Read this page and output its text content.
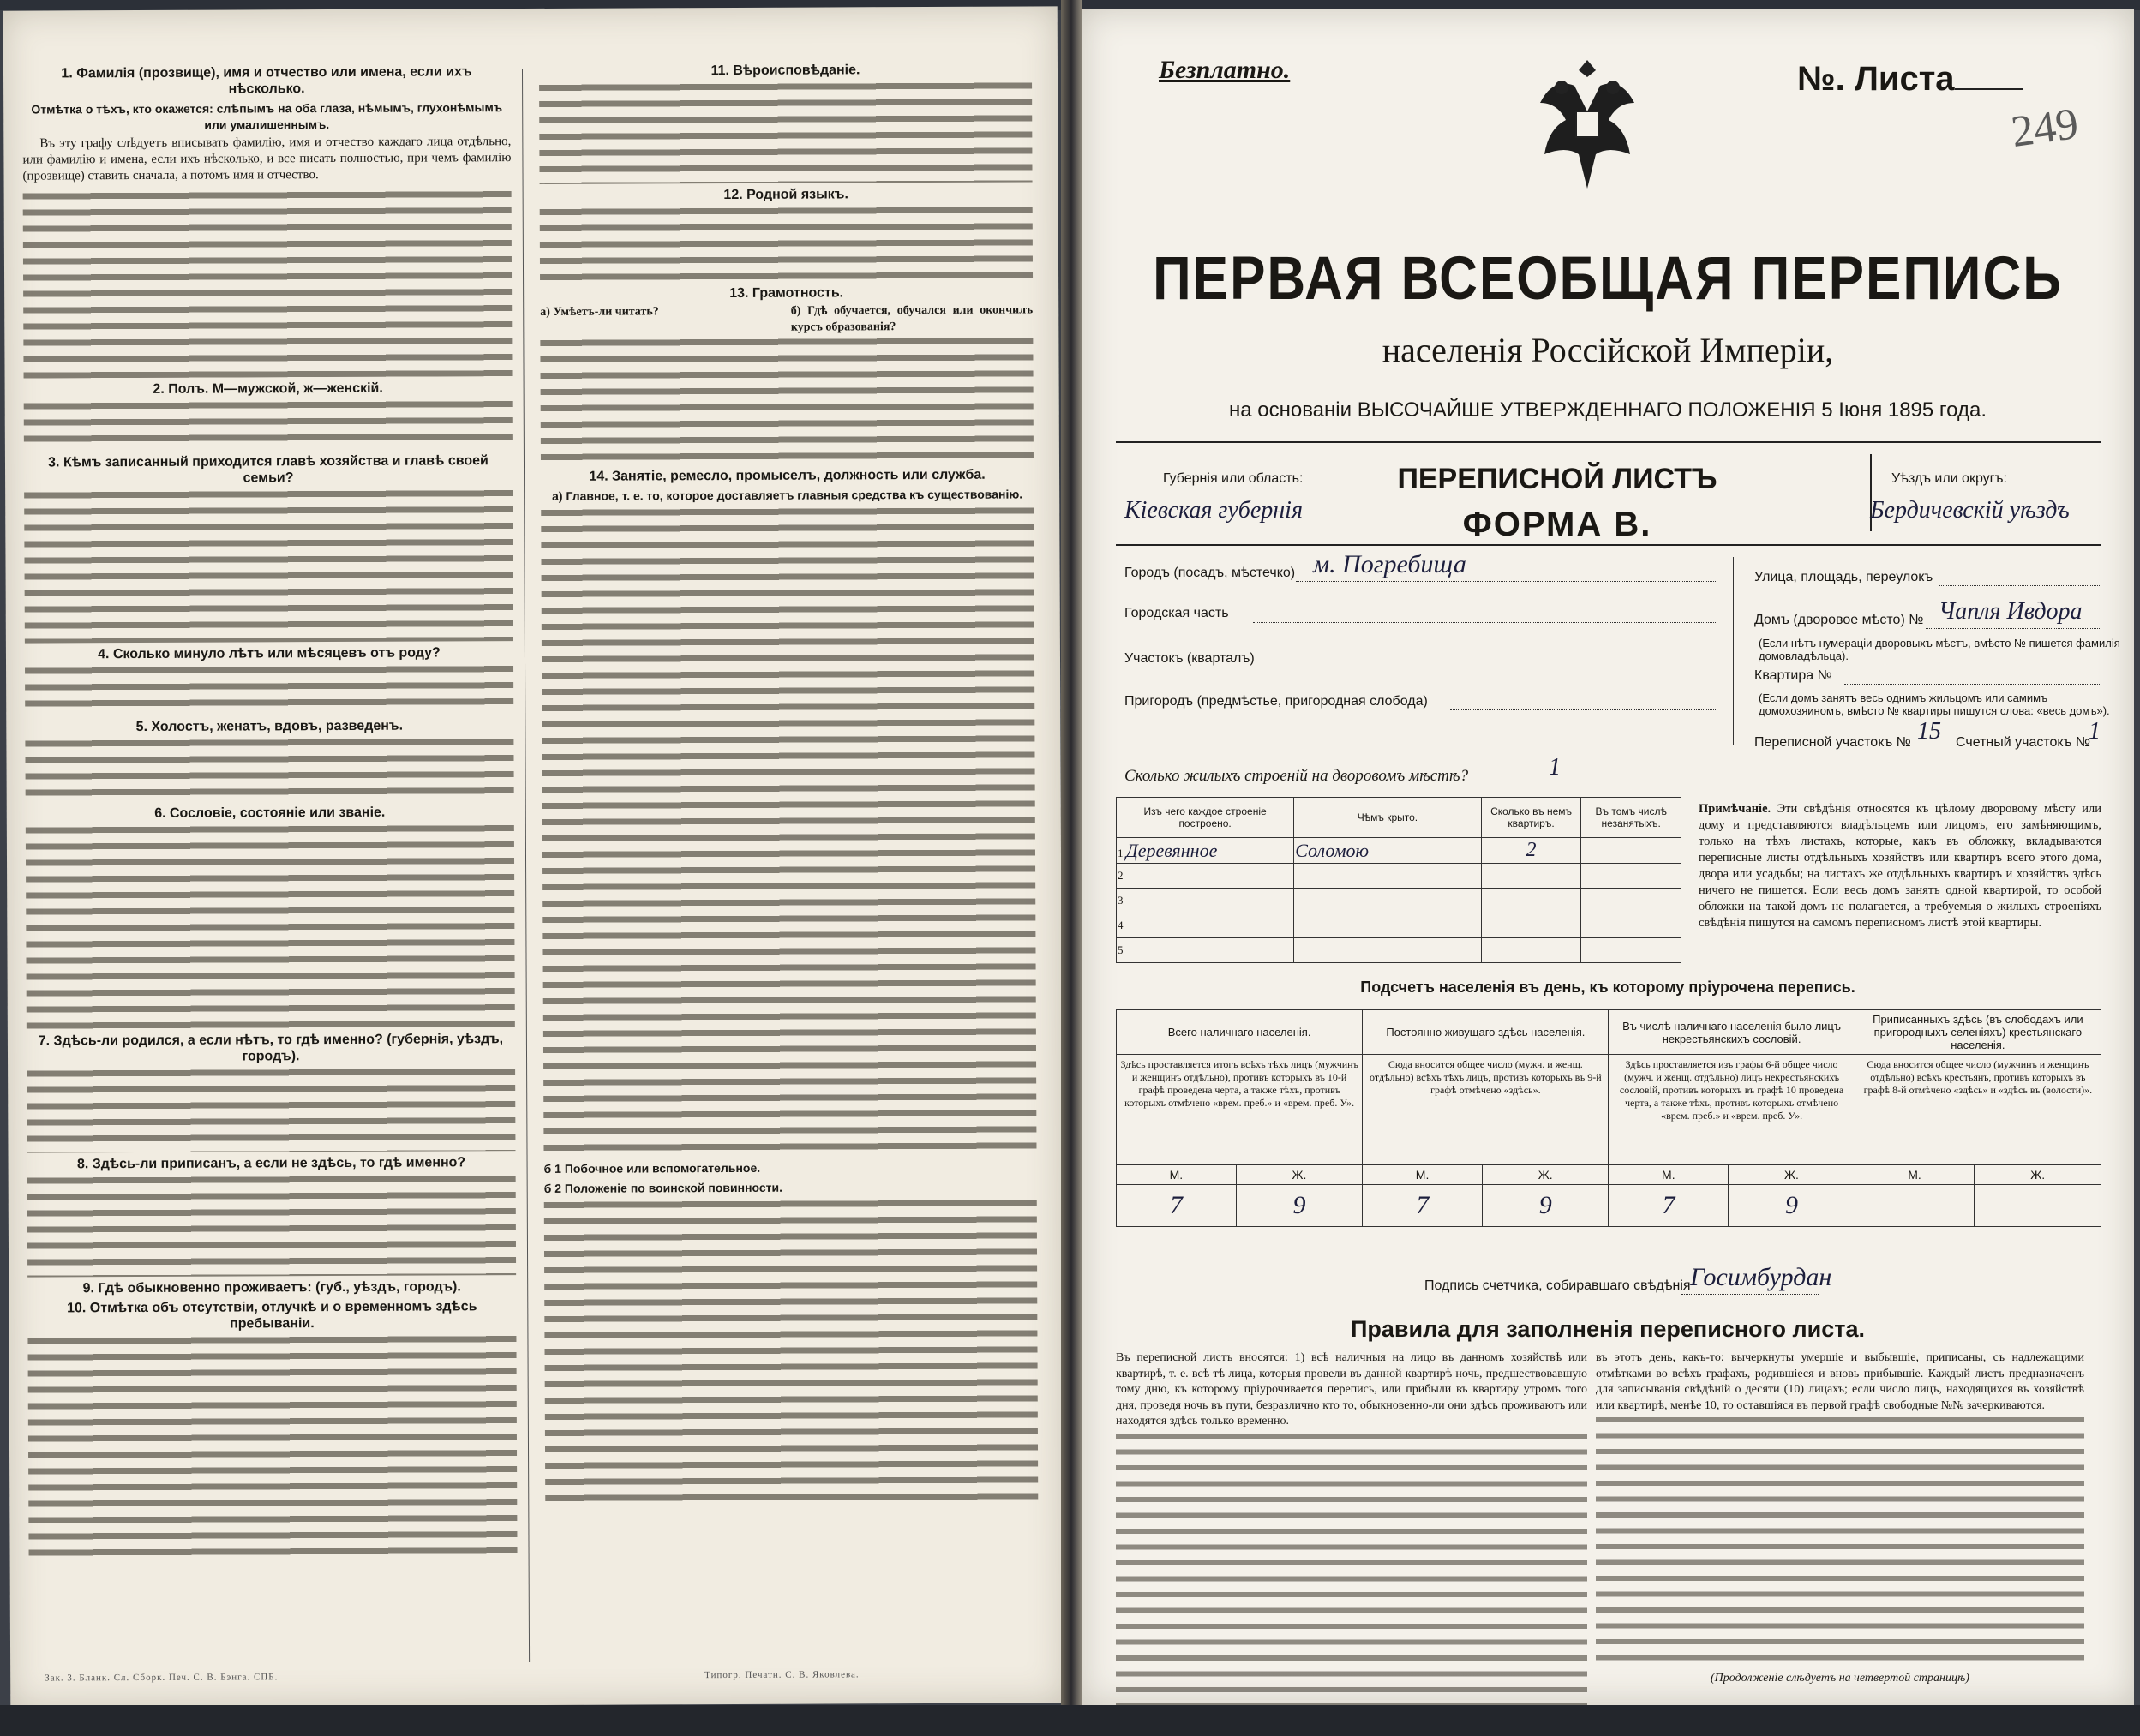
1. Фамилія (прозвище), имя и отчество или имена, если ихъ нѣсколько.
Отмѣтка о тѣхъ, кто окажется: слѣпымъ на оба глаза, нѣмымъ, глухонѣмымъ или умалишеннымъ.

Въ эту графу слѣдуетъ вписывать фамилію, имя и отчество каждаго лица отдѣльно, или фамилію и имена, если ихъ нѣсколько, и все писать полностью, при чемъ фамилію (прозвище) ставить сначала, а потомъ имя и отчество.

2. Полъ. М—мужской, ж—женскій.
3. Кѣмъ записанный приходится главѣ хозяйства и главѣ своей семьи?
4. Сколько минуло лѣтъ или мѣсяцевъ отъ роду?
5. Холостъ, женатъ, вдовъ, разведенъ.
6. Сословіе, состояніе или званіе.
7. Здѣсь-ли родился, а если нѣтъ, то гдѣ именно? (губернія, уѣздъ, городъ).
8. Здѣсь-ли приписанъ, а если не здѣсь, то гдѣ именно?
9. Гдѣ обыкновенно проживаетъ: (губ., уѣздъ, городъ).
10. Отмѣтка объ отсутствіи, отлучкѣ и о временномъ здѣсь пребываніи.
11. Вѣроисповѣданіе.
12. Родной языкъ.
13. Грамотность.
а) Умѣетъ-ли читать?	б) Гдѣ обучается, обучался или окончилъ курсъ образованія?
14. Занятіе, ремесло, промыселъ, должность или служба.
а) Главное, т. е. то, которое доставляетъ главныя средства къ существованію.
б 1 Побочное или вспомогательное.
б 2 Положеніе по воинской повинности.
Зак. 3. Бланк. Сл. Сборк. Печ. С. В. Бэнга. СПБ.	Типогр. Печатн. С. В. Яковлева.
Безплатно.	№. Листа
249
ПЕРВАЯ ВСЕОБЩАЯ ПЕРЕПИСЬ
населенія Россійской Имперіи,
на основаніи ВЫСОЧАЙШЕ УТВЕРЖДЕННАГО ПОЛОЖЕНІЯ 5 Іюня 1895 года.
Губернія или область:
Кіевская губернія
ПЕРЕПИСНОЙ ЛИСТЪ
ФОРМА В.
Уѣздъ или округъ:
Бердичевскій уѣздъ
Городъ (посадъ, мѣстечко) м. Погребища
Городская часть
Участокъ (кварталъ)
Пригородъ (предмѣстье, пригородная слобода)
Улица, площадь, переулокъ
Домъ (дворовое мѣсто) № Чапля Ивдора
(Если нѣтъ нумераціи дворовыхъ мѣстъ, вмѣсто № пишется фамилія домовладѣльца).
Квартира №
(Если домъ занятъ весь однимъ жильцомъ или самимъ домохозяиномъ, вмѣсто № квартиры пишутся слова: «весь домъ»).
Переписной участокъ № 15 Счетный участокъ №
1
Сколько жилыхъ строеній на дворовомъ мѣстѣ?	1
Изъ чего каждое строеніе построено.	Чѣмъ крыто.	Сколько въ немъ квартиръ.	Въ томъ числѣ незанятыхъ.
1 Деревянное	Соломою	2	
2			
3			
4			
5			
Примѣчаніе. Эти свѣдѣнія относятся къ цѣлому дворовому мѣсту или дому и представляются владѣльцемъ или лицомъ, его замѣняющимъ, только на тѣхъ листахъ, которые, какъ въ обложку, вкладываются переписные листы отдѣльныхъ хозяйствъ или квартиръ всего этого дома, двора или усадьбы; на листахъ же отдѣльныхъ квартиръ и хозяйствъ здѣсь ничего не пишется. Если весь домъ занятъ одной квартирой, то особой обложки на такой домъ не полагается, а требуемыя о жилыхъ строеніяхъ свѣдѣнія пишутся на самомъ переписномъ листѣ этой квартиры.
Подсчетъ населенія въ день, къ которому пріурочена перепись.
Всего наличнаго населенія.		Постоянно живущаго здѣсь населенія.		Въ числѣ наличнаго населенія было лицъ некрестьянскихъ сословій.		Приписанныхъ здѣсь (въ слободахъ или пригородныхъ селеніяхъ) крестьянскаго населенія.	
Здѣсь проставляется итогъ всѣхъ тѣхъ лицъ (мужчинъ и женщинъ отдѣльно), противъ которыхъ въ 10-й графѣ проведена черта, а также тѣхъ, противъ которыхъ отмѣчено «врем. преб.» и «врем. преб. У».		Сюда вносится общее число (мужч. и женщ. отдѣльно) всѣхъ тѣхъ лицъ, противъ которыхъ въ 9-й графѣ отмѣчено «здѣсь».		Здѣсь проставляется изъ графы 6-й общее число (мужч. и женщ. отдѣльно) лицъ некрестьянскихъ сословій, противъ которыхъ въ графѣ 10 проведена черта, а также тѣхъ, противъ которыхъ отмѣчено «врем. преб.» и «врем. преб. У».		Сюда вносится общее число (мужчинъ и женщинъ отдѣльно) всѣхъ крестьянъ, противъ которыхъ въ графѣ 8-й отмѣчено «здѣсь» и «здѣсь въ (волости)».	
М.	Ж.	М.	Ж.	М.	Ж.	М.	Ж.
7	9	7	9	7	9		
Подпись счетчика, собиравшаго свѣдѣнія Госимбурдан
Правила для заполненія переписного листа.
Въ переписной листъ вносятся: 1) всѣ наличныя на лицо въ данномъ хозяйствѣ или квартирѣ, т. е. всѣ тѣ лица, которыя провели въ данной квартирѣ ночь, предшествовавшую тому дню, къ которому пріурочивается перепись, или прибыли въ квартиру утромъ того дня, проведя ночь въ пути, безразлично кто то, обыкновенно-ли они здѣсь проживаютъ или находятся здѣсь только временно.
въ этотъ день, какъ-то: вычеркнуты умершіе и выбывшіе, приписаны, съ надлежащими отмѣтками во всѣхъ графахъ, родившіеся и вновь прибывшіе. Каждый листъ предназначенъ для записыванія свѣдѣній о десяти (10) лицахъ; если число лицъ, находящихся въ хозяйствѣ или квартирѣ, менѣе 10, то оставшіяся въ первой графѣ свободные №№ зачеркиваются.
(Продолженіе слѣдуетъ на четвертой страницѣ)
